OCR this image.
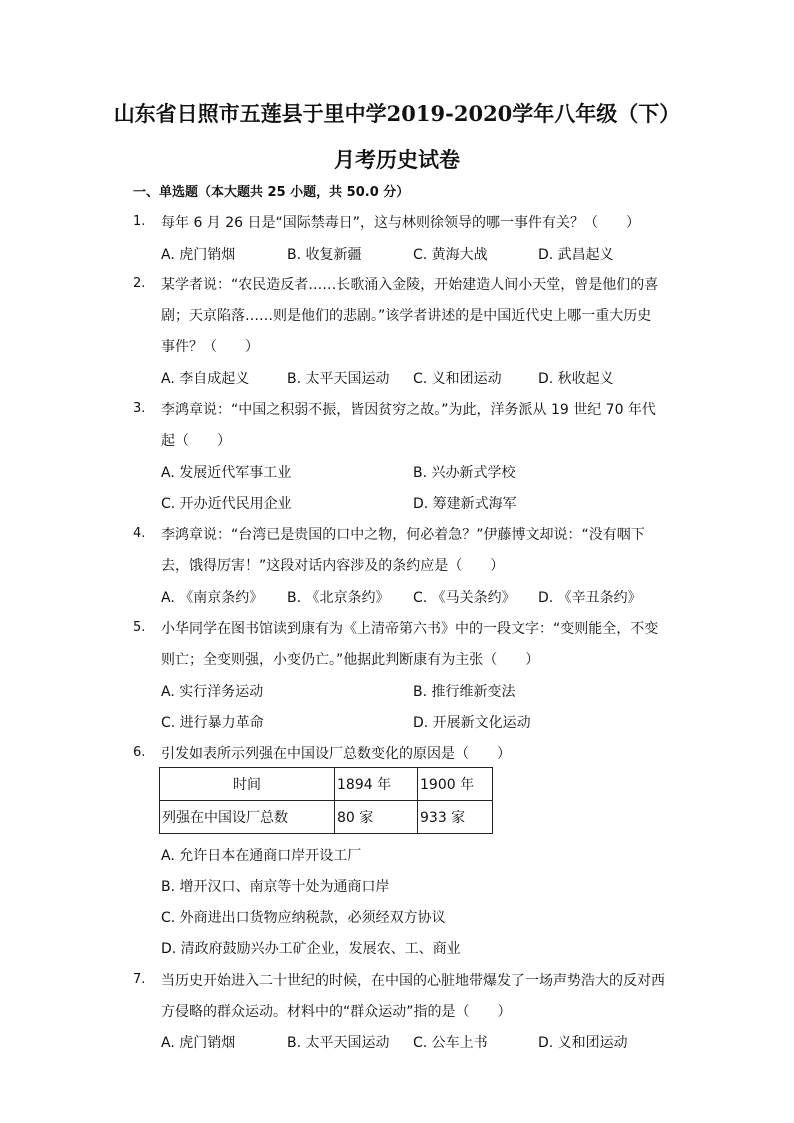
山东省日照市五莲县于里中学2019-2020学年八年级（下）
月考历史试卷
一、单选题（本大题共 25 小题，共 50.0 分）
1.	每年 6 月 26 日是“国际禁毒日”，这与林则徐领导的哪一事件有关？（　　）
A. 虎门销烟	B. 收复新疆	C. 黄海大战	D. 武昌起义
2.	某学者说：“农民造反者……长歌涌入金陵，开始建造人间小天堂，曾是他们的喜
剧；天京陷落……则是他们的悲剧。”该学者讲述的是中国近代史上哪一重大历史
事件？（　　）
A. 李自成起义	B. 太平天国运动 C. 义和团运动	D. 秋收起义
3.	李鸿章说：“中国之积弱不振，皆因贫穷之故。”为此，洋务派从 19 世纪 70 年代
起（　　）
A. 发展近代军事工业	B. 兴办新式学校
C. 开办近代民用企业	D. 筹建新式海军
4.	李鸿章说：“台湾已是贵国的口中之物，何必着急？”伊藤博文却说：“没有咽下
去，饿得厉害！”这段对话内容涉及的条约应是（　　）
A. 《南京条约》 B. 《北京条约》 C. 《马关条约》 D. 《辛丑条约》
5.	小华同学在图书馆读到康有为《上清帝第六书》中的一段文字：“变则能全，不变
则亡；全变则强，小变仍亡。”他据此判断康有为主张（　　）
A. 实行洋务运动	B. 推行维新变法
C. 进行暴力革命	D. 开展新文化运动
6.	引发如表所示列强在中国设厂总数变化的原因是（　　）
时间	1894 年	1900 年
列强在中国设厂总数	80 家	933 家
A. 允许日本在通商口岸开设工厂
B. 增开汉口、南京等十处为通商口岸
C. 外商进出口货物应纳税款，必须经双方协议
D. 清政府鼓励兴办工矿企业，发展农、工、商业
7.	当历史开始进入二十世纪的时候，在中国的心脏地带爆发了一场声势浩大的反对西
方侵略的群众运动。材料中的“群众运动”指的是（　　）
A. 虎门销烟	B. 太平天国运动 C. 公车上书	D. 义和团运动
